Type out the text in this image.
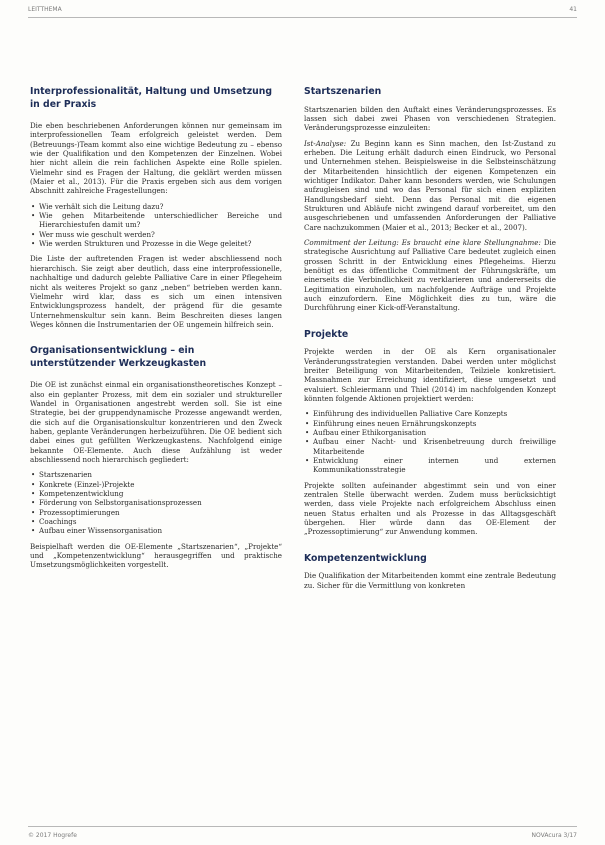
LEITTHEMA	41
Interprofessionalität, Haltung und Umsetzung in der Praxis

Die eben beschriebenen Anforderungen können nur gemeinsam im interprofessionellen Team erfolgreich geleistet werden. Dem (Betreuungs-)Team kommt also eine wichtige Bedeutung zu – ebenso wie der Qualifikation und den Kompetenzen der Einzelnen. Wobei hier nicht allein die rein fachlichen Aspekte eine Rolle spielen. Vielmehr sind es Fragen der Haltung, die geklärt werden müssen (Maier et al., 2013). Für die Praxis ergeben sich aus dem vorigen Abschnitt zahlreiche Fragestellungen:

• Wie verhält sich die Leitung dazu?
• Wie gehen Mitarbeitende unterschiedlicher Bereiche und Hierarchiestufen damit um?
• Wer muss wie geschult werden?
• Wie werden Strukturen und Prozesse in die Wege geleitet?

Die Liste der auftretenden Fragen ist weder abschliessend noch hierarchisch. Sie zeigt aber deutlich, dass eine interprofessionelle, nachhaltige und dadurch gelebte Palliative Care in einer Pflegeheim nicht als weiteres Projekt so ganz „neben“ betrieben werden kann. Vielmehr wird klar, dass es sich um einen intensiven Entwicklungsprozess handelt, der prägend für die gesamte Unternehmenskultur sein kann. Beim Beschreiten dieses langen Weges können die Instrumentarien der OE ungemein hilfreich sein.

Organisationsentwicklung – ein unterstützender Werkzeugkasten

Die OE ist zunächst einmal ein organisationstheoretisches Konzept – also ein geplanter Prozess, mit dem ein sozialer und struktureller Wandel in Organisationen angestrebt werden soll. Sie ist eine Strategie, bei der gruppendynamische Prozesse angewandt werden, die sich auf die Organisationskultur konzentrieren und den Zweck haben, geplante Veränderungen herbeizuführen. Die OE bedient sich dabei eines gut gefüllten Werkzeugkastens. Nachfolgend einige bekannte OE-Elemente. Auch diese Aufzählung ist weder abschliessend noch hierarchisch gegliedert:

• Startszenarien
• Konkrete (Einzel-)Projekte
• Kompetenzentwicklung
• Förderung von Selbstorganisationsprozessen
• Prozessoptimierungen
• Coachings
• Aufbau einer Wissensorganisation

Beispielhaft werden die OE-Elemente „Startszenarien“, „Projekte“ und „Kompetenzentwicklung“ herausgegriffen und praktische Umsetzungsmöglichkeiten vorgestellt.

Startszenarien

Startszenarien bilden den Auftakt eines Veränderungsprozesses. Es lassen sich dabei zwei Phasen von verschiedenen Strategien. Veränderungsprozesse einzuleiten:

Ist-Analyse: Zu Beginn kann es Sinn machen, den Ist-Zustand zu erheben. Die Leitung erhält dadurch einen Eindruck, wo Personal und Unternehmen stehen. Beispielsweise in die Selbsteinschätzung der Mitarbeitenden hinsichtlich der eigenen Kompetenzen ein wichtiger Indikator. Daher kann besonders werden, wie Schulungen aufzugleisen sind und wo das Personal für sich einen expliziten Handlungsbedarf sieht. Denn das Personal mit die eigenen Strukturen und Abläufe nicht zwingend darauf vorbereitet, um den ausgeschriebenen und umfassenden Anforderungen der Palliative Care nachzukommen (Maier et al., 2013; Becker et al., 2007).

Commitment der Leitung: Es braucht eine klare Stellungnahme: Die strategische Ausrichtung auf Palliative Care bedeutet zugleich einen grossen Schritt in der Entwicklung eines Pflegeheims. Hierzu benötigt es das öffentliche Commitment der Führungskräfte, um einerseits die Verbindlichkeit zu verklarieren und andererseits die Legitimation einzuholen, um nachfolgende Aufträge und Projekte auch einzufordern. Eine Möglichkeit dies zu tun, wäre die Durchführung einer Kick-off-Veranstaltung.

Projekte

Projekte werden in der OE als Kern organisationaler Veränderungsstrategien verstanden. Dabei werden unter möglichst breiter Beteiligung von Mitarbeitenden, Teilziele konkretisiert. Massnahmen zur Erreichung identifiziert, diese umgesetzt und evaluiert. Schleiermann und Thiel (2014) im nachfolgenden Konzept könnten folgende Aktionen projektiert werden:

• Einführung des individuellen Palliative Care Konzepts
• Einführung eines neuen Ernährungskonzepts
• Aufbau einer Ethikorganisation
• Aufbau einer Nacht- und Krisenbetreuung durch freiwillige Mitarbeitende
• Entwicklung einer internen und externen Kommunikationsstrategie

Projekte sollten aufeinander abgestimmt sein und von einer zentralen Stelle überwacht werden. Zudem muss berücksichtigt werden, dass viele Projekte nach erfolgreichem Abschluss einen neuen Status erhalten und als Prozesse in das Alltagsgeschäft übergehen. Hier würde dann das OE-Element der „Prozessoptimierung“ zur Anwendung kommen.

Kompetenzentwicklung

Die Qualifikation der Mitarbeitenden kommt eine zentrale Bedeutung zu. Sicher für die Vermittlung von konkreten

© 2017 Hogrefe	NOVAcura 3/17
